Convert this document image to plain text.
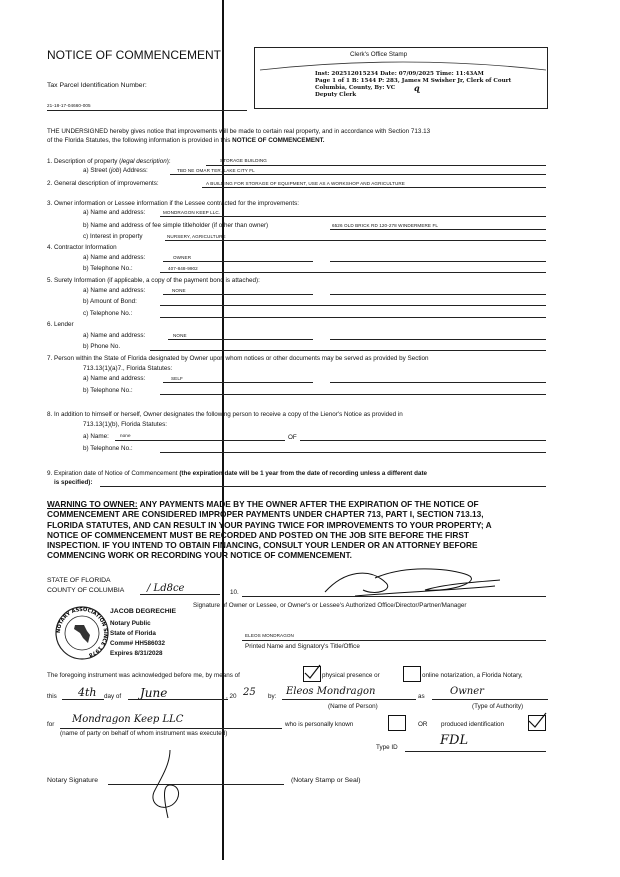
NOTICE OF COMMENCEMENT
Tax Parcel Identification Number:
21-18-17-04660-005
Clerk's Office Stamp
Inst: 202512015234 Date: 07/09/2025 Time: 11:43AM
Page 1 of 1 B: 1544 P: 283, James M Swisher Jr, Clerk of Court
Columbia, County, By: VC ɋ
Deputy Clerk
THE UNDERSIGNED hereby gives notice that improvements will be made to certain real property, and in accordance with Section 713.13
of the Florida Statutes, the following information is provided in this NOTICE OF COMMENCEMENT.
1. Description of property (legal description):	STORAGE BUILDING
a) Street (job) Address:	TBD NE OMAR TER, LAKE CITY FL
2. General description of improvements:	A BUILDING FOR STORAGE OF EQUIPMENT, USE AS A WORKSHOP AND AGRICULTURE
3. Owner information or Lessee information if the Lessee contracted for the improvements:
a) Name and address:	MONDRAGON KEEP LLC.
b) Name and address of fee simple titleholder (if other than owner)	6526 OLD BRICK RD 120-278 WINDERMERE FL
c) Interest in property	NURSERY, AGRICULTURE
4. Contractor Information
a) Name and address:	OWNER
b) Telephone No.:	407-848-9902
5. Surety Information (if applicable, a copy of the payment bond is attached):
a) Name and address:	NONE
b) Amount of Bond:
c) Telephone No.:
6. Lender
a) Name and address:	NONE
b) Phone No.
7. Person within the State of Florida designated by Owner upon whom notices or other documents may be served as provided by Section
713.13(1)(a)7., Florida Statutes:
a) Name and address:	SELF
b) Telephone No.:
8. In addition to himself or herself, Owner designates the following person to receive a copy of the Lienor's Notice as provided in
713.13(1)(b), Florida Statutes:
a) Name: none	OF
b) Telephone No.:
9. Expiration date of Notice of Commencement (the expiration date will be 1 year from the date of recording unless a different date
is specified):
WARNING TO OWNER: ANY PAYMENTS MADE BY THE OWNER AFTER THE EXPIRATION OF THE NOTICE OF
COMMENCEMENT ARE CONSIDERED IMPROPER PAYMENTS UNDER CHAPTER 713, PART I, SECTION 713.13,
FLORIDA STATUTES, AND CAN RESULT IN YOUR PAYING TWICE FOR IMPROVEMENTS TO YOUR PROPERTY; A
NOTICE OF COMMENCEMENT MUST BE RECORDED AND POSTED ON THE JOB SITE BEFORE THE FIRST
INSPECTION. IF YOU INTEND TO OBTAIN FINANCING, CONSULT YOUR LENDER OR AN ATTORNEY BEFORE
COMMENCING WORK OR RECORDING YOUR NOTICE OF COMMENCEMENT.
STATE OF FLORIDA
COUNTY OF COLUMBIA / Ld8ce	10.
Signature of Owner or Lessee, or Owner's or Lessee's Authorized Office/Director/Partner/Manager
NOTARY ASSOCIATION SINCE 1978
JACOB DEGRECHIE
Notary Public
State of Florida
Comm# HH586032
Expires 8/31/2028
ELEOS MONDRAGON
Printed Name and Signatory's Title/Office
The foregoing instrument was acknowledged before me, by means of	physical presence or	online notarization, a Florida Notary,
this 4th day of June	, 20 25 by: Eleos Mondragon	as	Owner
(Name of Person)	(Type of Authority)
for Mondragon Keep LLC	who is personally known	OR produced identification
(name of party on behalf of whom instrument was executed)
Type ID	FDL
Notary Signature	(Notary Stamp or Seal)
